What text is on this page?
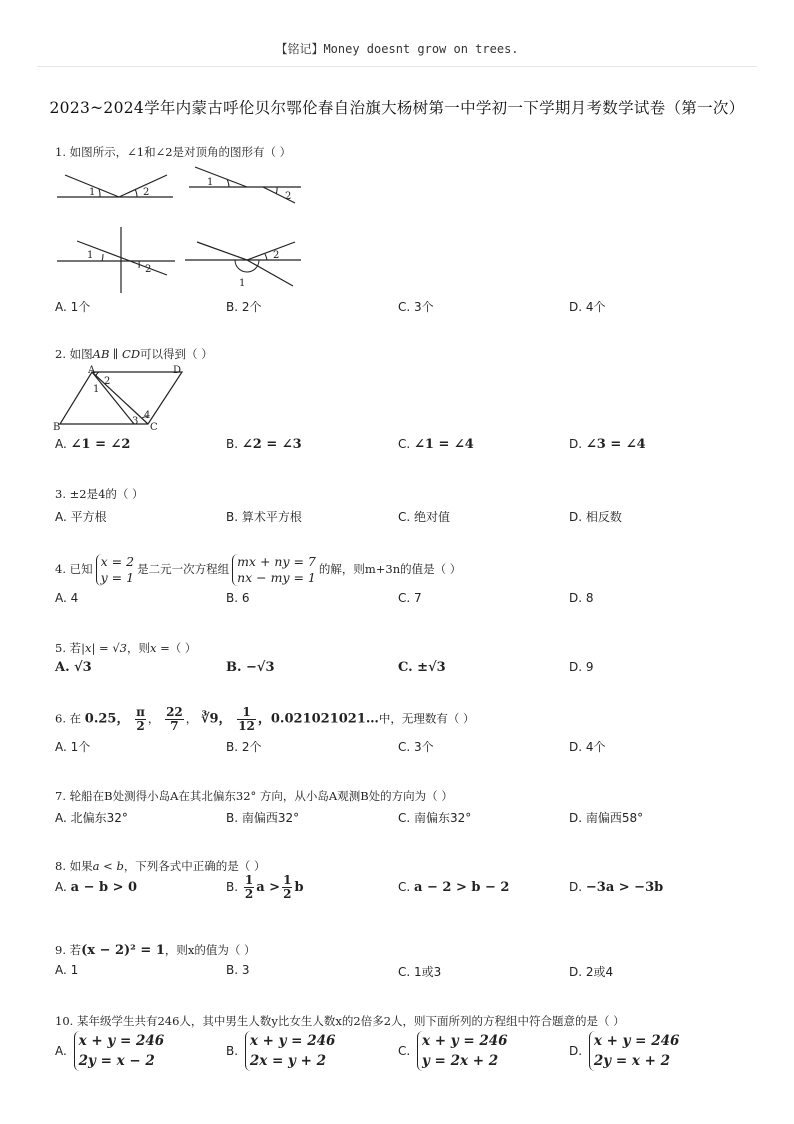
【铭记】Money doesnt grow on trees.
2023~2024学年内蒙古呼伦贝尔鄂伦春自治旗大杨树第一中学初一下学期月考数学试卷（第一次）
1. 如图所示，∠1和∠2是对顶角的图形有（ ）
1	2
1
2
1
2
2
1
A. 1个	B. 2个	C. 3个	D. 4个
2. 如图AB ∥ CD可以得到（ ）
A	D
B	C
1
2
3
4
A. ∠1 = ∠2	B. ∠2 = ∠3	C. ∠1 = ∠4	D. ∠3 = ∠4
3. ±2是4的（ ）
A. 平方根	B. 算术平方根	C. 绝对值	D. 相反数
4. 已知 x = 2
y = 1
是二元一次方程组 mx + ny = 7
nx − my = 1
的解，则m+3n的值是（ ）
A. 4	B. 6	C. 7	D. 8
5. 若|x| = √3，则x =（ ）
A. √3	B. −√3	C. ±√3	D. 9
6. 在 0.25， $\frac{\pi}{2}$ ， $\frac{22}{7}$ ， ∛9， $\frac{1}{12}$ ，0.021021021…中，无理数有（ ）
A. 1个	B. 2个	C. 3个	D. 4个
7. 轮船在B处测得小岛A在其北偏东32° 方向，从小岛A观测B处的方向为（ ）
A. 北偏东32°	B. 南偏西32°	C. 南偏东32°	D. 南偏西58°
8. 如果a < b，下列各式中正确的是（ ）
A. a − b > 0	B. $\frac{1}{2}$ $a > \frac{1}{2}$ b	C. a − 2 > b − 2	D. −3a > −3b
9. 若(x − 2)² = 1，则x的值为（ ）
A. 1	B. 3	C. 1或3	D. 2或4
10. 某年级学生共有246人，其中男生人数y比女生人数x的2倍多2人，则下面所列的方程组中符合题意的是（ ）
A.
x + y = 246
2y = x − 2
B.
x + y = 246
2x = y + 2
C.
x + y = 246
y = 2x + 2
D.
x + y = 246
2y = x + 2
